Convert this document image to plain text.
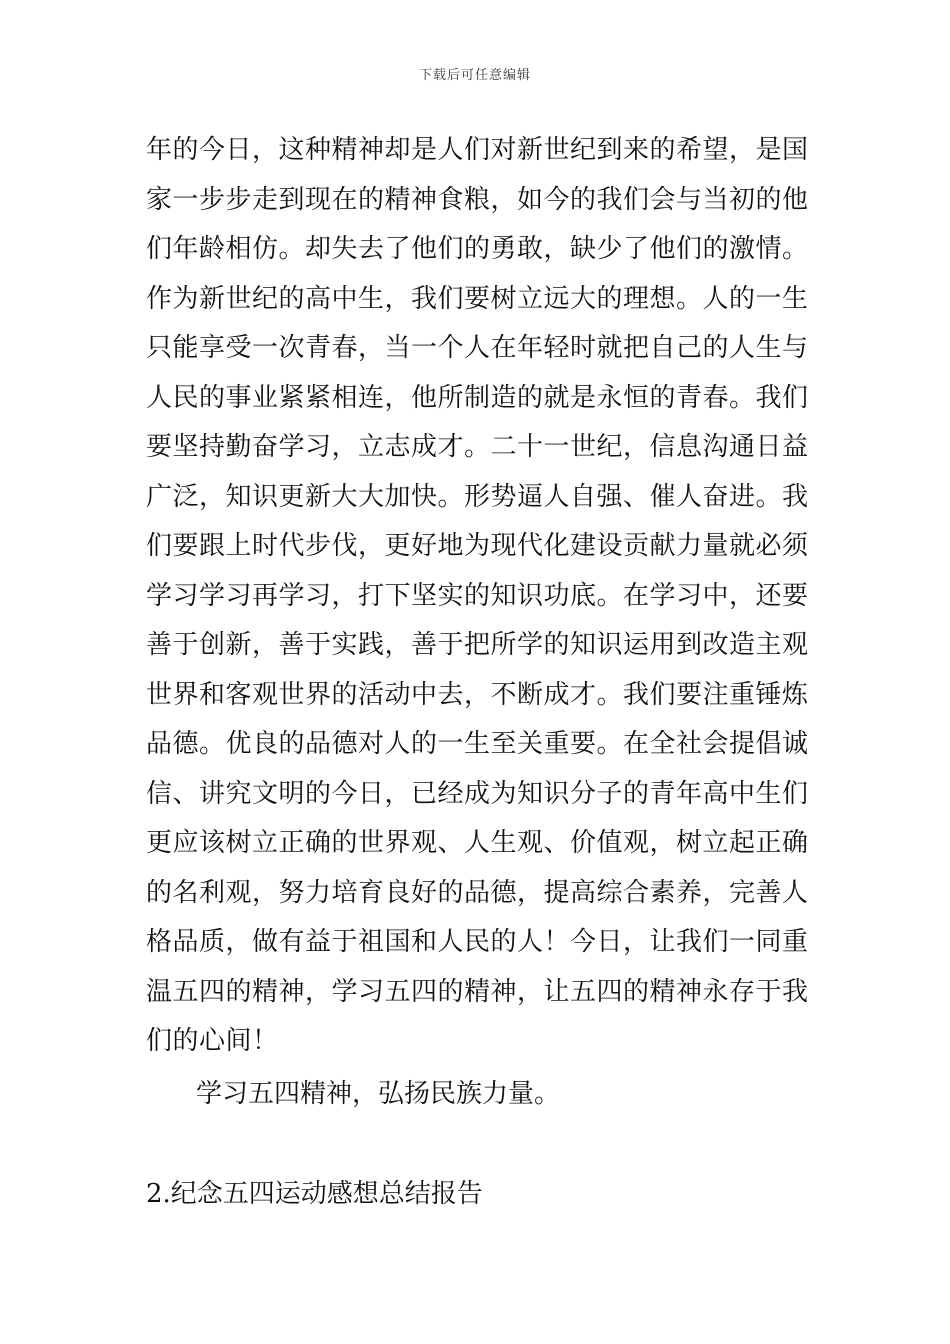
下载后可任意编辑
年的今日，这种精神却是人们对新世纪到来的希望，是国
家一步步走到现在的精神食粮，如今的我们会与当初的他
们年龄相仿。却失去了他们的勇敢，缺少了他们的激情。
作为新世纪的高中生，我们要树立远大的理想。人的一生
只能享受一次青春，当一个人在年轻时就把自己的人生与
人民的事业紧紧相连，他所制造的就是永恒的青春。我们
要坚持勤奋学习，立志成才。二十一世纪，信息沟通日益
广泛，知识更新大大加快。形势逼人自强、催人奋进。我
们要跟上时代步伐，更好地为现代化建设贡献力量就必须
学习学习再学习，打下坚实的知识功底。在学习中，还要
善于创新，善于实践，善于把所学的知识运用到改造主观
世界和客观世界的活动中去，不断成才。我们要注重锤炼
品德。优良的品德对人的一生至关重要。在全社会提倡诚
信、讲究文明的今日，已经成为知识分子的青年高中生们
更应该树立正确的世界观、人生观、价值观，树立起正确
的名利观，努力培育良好的品德，提高综合素养，完善人
格品质，做有益于祖国和人民的人！今日，让我们一同重
温五四的精神，学习五四的精神，让五四的精神永存于我
们的心间！
学习五四精神，弘扬民族力量。
2.纪念五四运动感想总结报告
